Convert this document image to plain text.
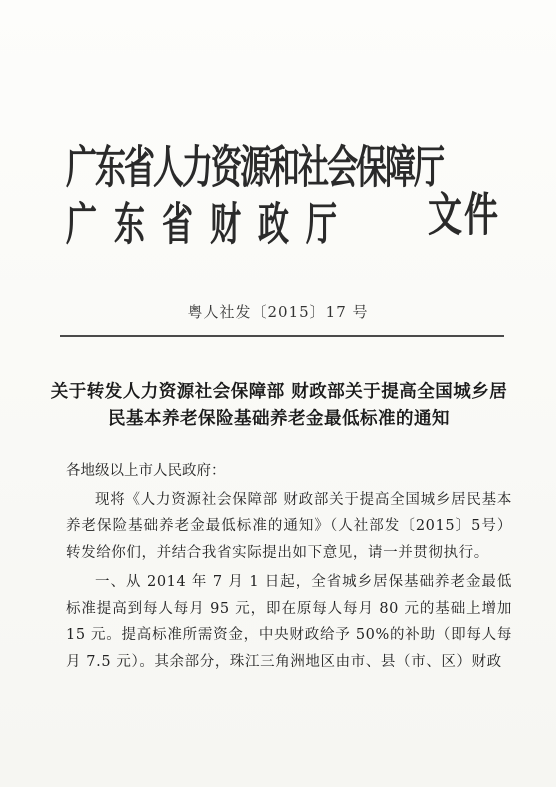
广东省人力资源和社会保障厅
广东省财政厅	文件
粤人社发〔2015〕17 号
关于转发人力资源社会保障部 财政部关于提高全国城乡居民基本养老保险基础养老金最低标准的通知
各地级以上市人民政府：
现将《人力资源社会保障部 财政部关于提高全国城乡居民基本养老保险基础养老金最低标准的通知》（人社部发〔2015〕5号）转发给你们，并结合我省实际提出如下意见，请一并贯彻执行。
一、从 2014 年 7 月 1 日起，全省城乡居保基础养老金最低标准提高到每人每月 95 元，即在原每人每月 80 元的基础上增加 15 元。提高标准所需资金，中央财政给予 50%的补助（即每人每月 7.5 元）。其余部分，珠江三角洲地区由市、县（市、区）财政
